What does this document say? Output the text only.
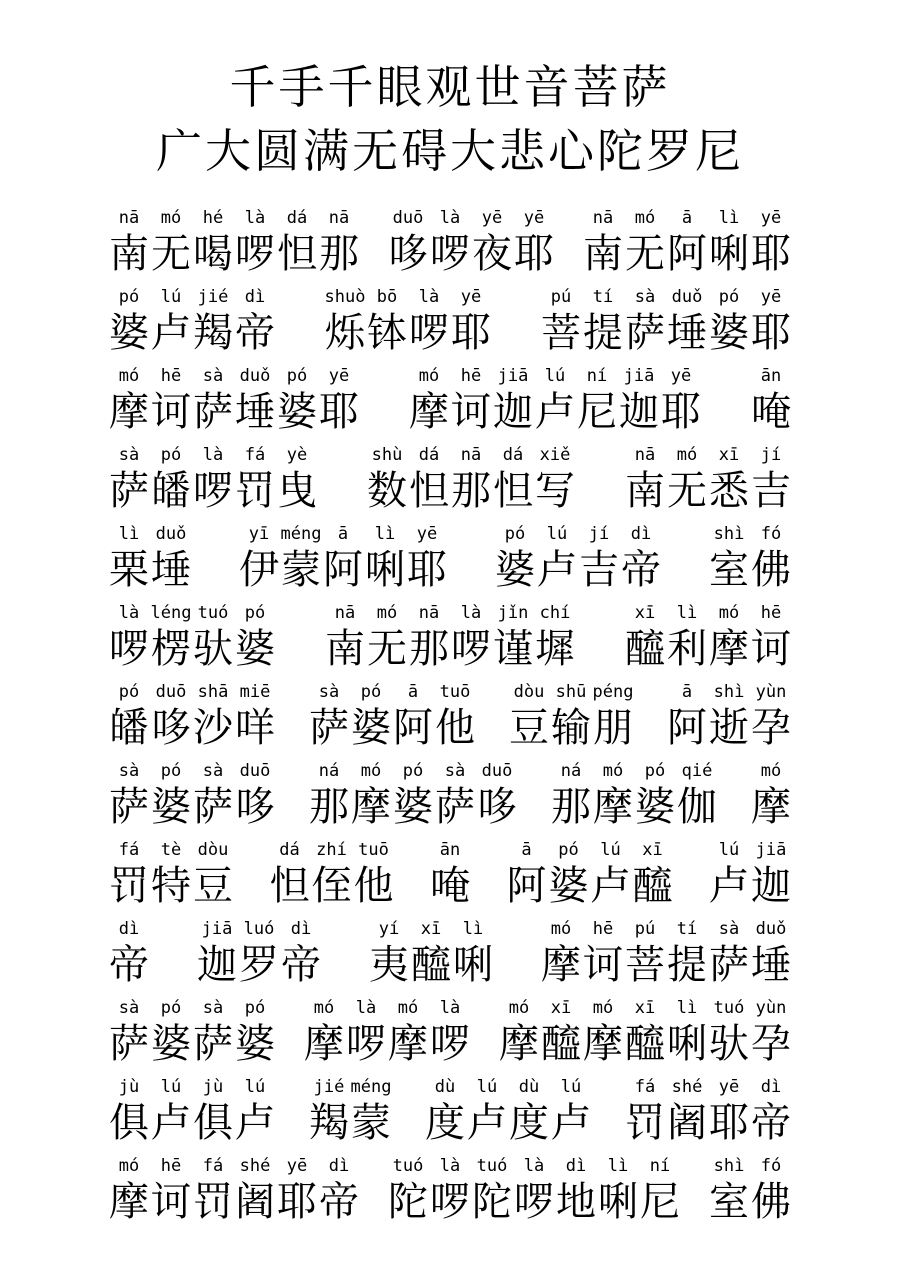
千手千眼观世音菩萨
广大圆满无碍大悲心陀罗尼
nā
南
mó
无
hé
喝
là
啰
dá
怛
nā
那
duō
哆
là
啰
yē
夜
yē
耶
nā
南
mó
无
ā
阿
lì
唎
yē
耶
pó
婆
lú
卢
jié
羯
dì
帝
shuò
烁
bō
钵
là
啰
yē
耶
pú
菩
tí
提
sà
萨
duǒ
埵
pó
婆
yē
耶
mó
摩
hē
诃
sà
萨
duǒ
埵
pó
婆
yē
耶
mó
摩
hē
诃
jiā
迦
lú
卢
ní
尼
jiā
迦
yē
耶
ān
唵
sà
萨
pó
皤
là
啰
fá
罚
yè
曳
shù
数
dá
怛
nā
那
dá
怛
xiě
写
nā
南
mó
无
xī
悉
jí
吉
lì
栗
duǒ
埵
yī
伊
méng
蒙
ā
阿
lì
唎
yē
耶
pó
婆
lú
卢
jí
吉
dì
帝
shì
室
fó
佛
là
啰
léng
楞
tuó
驮
pó
婆
nā
南
mó
无
nā
那
là
啰
jǐn
谨
chí
墀
xī
醯
lì
利
mó
摩
hē
诃
pó
皤
duō
哆
shā
沙
miē
咩
sà
萨
pó
婆
ā
阿
tuō
他
dòu
豆
shū
输
péng
朋
ā
阿
shì
逝
yùn
孕
sà
萨
pó
婆
sà
萨
duō
哆
ná
那
mó
摩
pó
婆
sà
萨
duō
哆
ná
那
mó
摩
pó
婆
qié
伽
mó
摩
fá
罚
tè
特
dòu
豆
dá
怛
zhí
侄
tuō
他
ān
唵
ā
阿
pó
婆
lú
卢
xī
醯
lú
卢
jiā
迦
dì
帝
jiā
迦
luó
罗
dì
帝
yí
夷
xī
醯
lì
唎
mó
摩
hē
诃
pú
菩
tí
提
sà
萨
duǒ
埵
sà
萨
pó
婆
sà
萨
pó
婆
mó
摩
là
啰
mó
摩
là
啰
mó
摩
xī
醯
mó
摩
xī
醯
lì
唎
tuó
驮
yùn
孕
jù
俱
lú
卢
jù
俱
lú
卢
jié
羯
méng
蒙
dù
度
lú
卢
dù
度
lú
卢
fá
罚
shé
阇
yē
耶
dì
帝
mó
摩
hē
诃
fá
罚
shé
阇
yē
耶
dì
帝
tuó
陀
là
啰
tuó
陀
là
啰
dì
地
lì
唎
ní
尼
shì
室
fó
佛
